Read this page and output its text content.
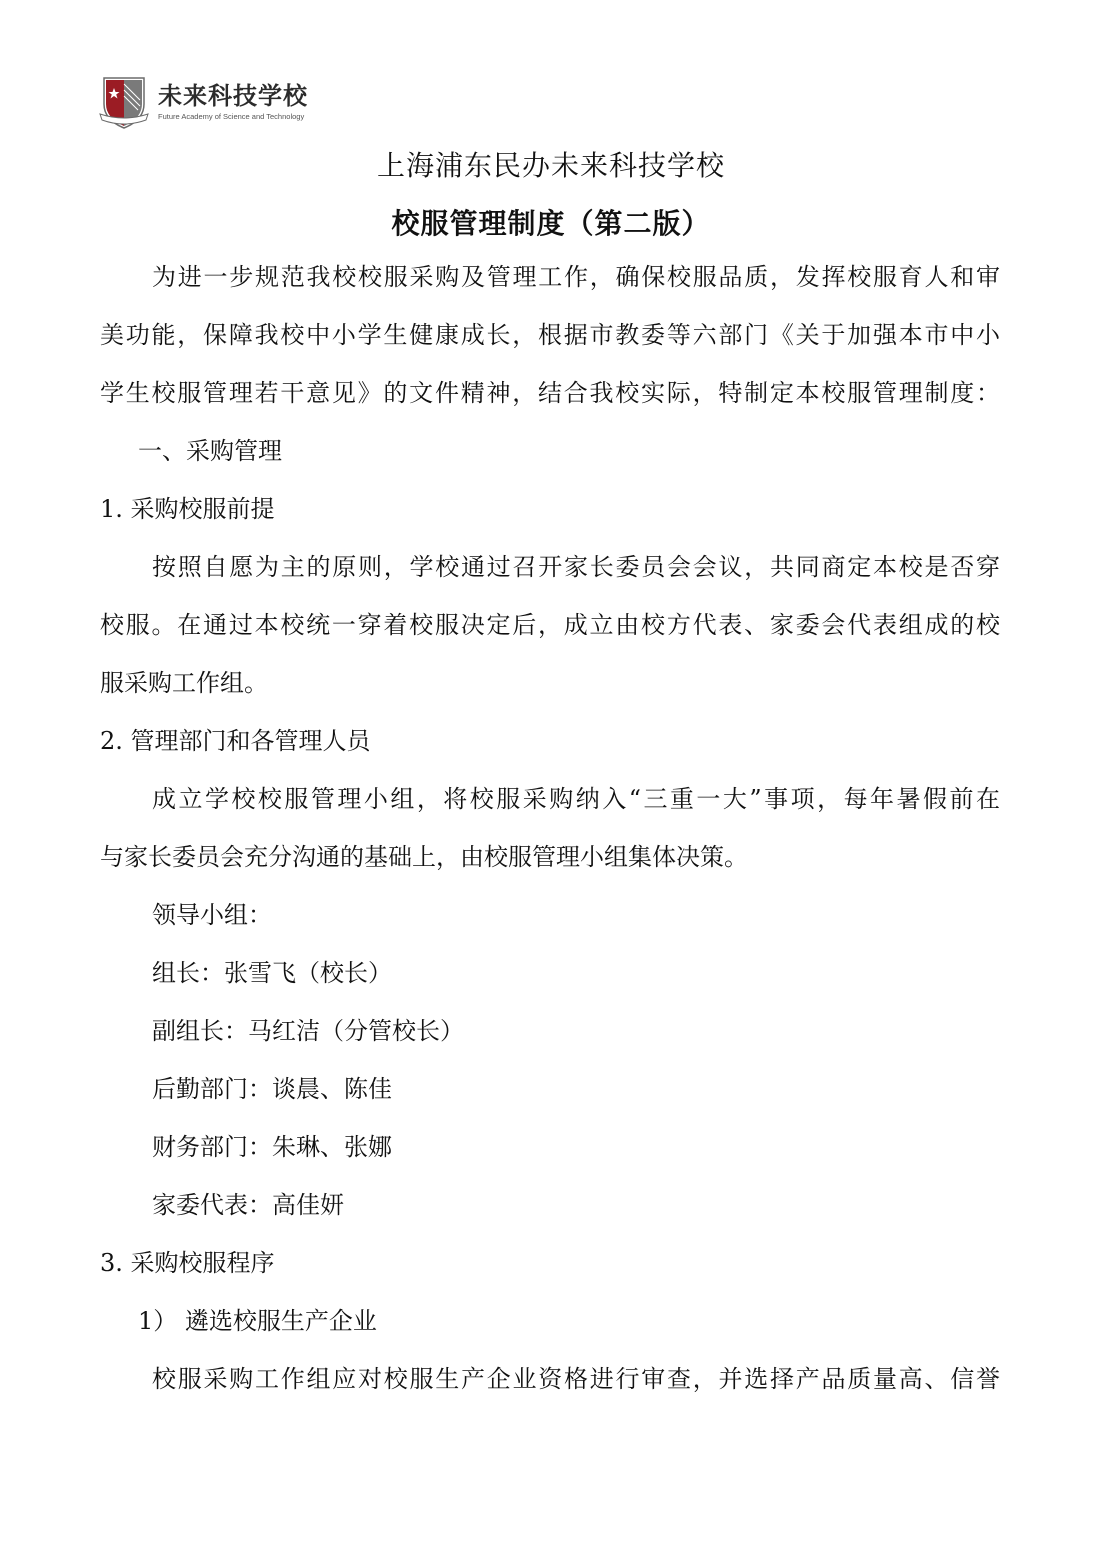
未来科技学校
Future Academy of Science and Technology
上海浦东民办未来科技学校
校服管理制度（第二版）
为进一步规范我校校服采购及管理工作，确保校服品质，发挥校服育人和审
美功能，保障我校中小学生健康成长，根据市教委等六部门《关于加强本市中小
学生校服管理若干意见》的文件精神，结合我校实际，特制定本校服管理制度：
一、采购管理
1. 采购校服前提
按照自愿为主的原则，学校通过召开家长委员会会议，共同商定本校是否穿
校服。在通过本校统一穿着校服决定后，成立由校方代表、家委会代表组成的校
服采购工作组。
2. 管理部门和各管理人员
成立学校校服管理小组，将校服采购纳入“三重一大”事项，每年暑假前在
与家长委员会充分沟通的基础上，由校服管理小组集体决策。
领导小组：
组长：张雪飞（校长）
副组长：马红洁（分管校长）
后勤部门：谈晨、陈佳
财务部门：朱琳、张娜
家委代表：高佳妍
3. 采购校服程序
1） 遴选校服生产企业
校服采购工作组应对校服生产企业资格进行审查，并选择产品质量高、信誉
